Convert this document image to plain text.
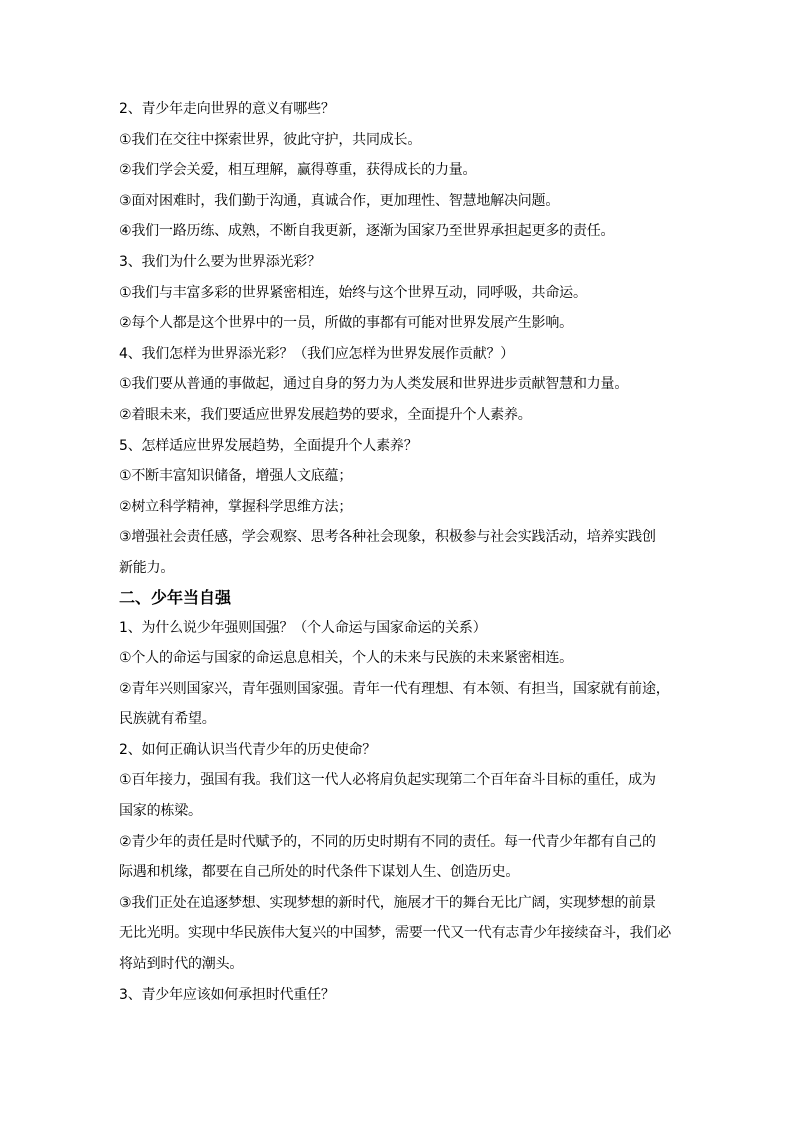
2、青少年走向世界的意义有哪些？
①我们在交往中探索世界，彼此守护，共同成长。
②我们学会关爱，相互理解，赢得尊重，获得成长的力量。
③面对困难时，我们勤于沟通，真诚合作，更加理性、智慧地解决问题。
④我们一路历练、成熟，不断自我更新，逐渐为国家乃至世界承担起更多的责任。
3、我们为什么要为世界添光彩？
①我们与丰富多彩的世界紧密相连，始终与这个世界互动，同呼吸，共命运。
②每个人都是这个世界中的一员，所做的事都有可能对世界发展产生影响。
4、我们怎样为世界添光彩？（我们应怎样为世界发展作贡献？）
①我们要从普通的事做起，通过自身的努力为人类发展和世界进步贡献智慧和力量。
②着眼未来，我们要适应世界发展趋势的要求，全面提升个人素养。
5、怎样适应世界发展趋势，全面提升个人素养？
①不断丰富知识储备，增强人文底蕴；
②树立科学精神，掌握科学思维方法；
③增强社会责任感，学会观察、思考各种社会现象，积极参与社会实践活动，培养实践创
新能力。
二、少年当自强
1、为什么说少年强则国强？（个人命运与国家命运的关系）
①个人的命运与国家的命运息息相关，个人的未来与民族的未来紧密相连。
②青年兴则国家兴，青年强则国家强。青年一代有理想、有本领、有担当，国家就有前途，
民族就有希望。
2、如何正确认识当代青少年的历史使命？
①百年接力，强国有我。我们这一代人必将肩负起实现第二个百年奋斗目标的重任，成为
国家的栋梁。
②青少年的责任是时代赋予的，不同的历史时期有不同的责任。每一代青少年都有自己的
际遇和机缘，都要在自己所处的时代条件下谋划人生、创造历史。
③我们正处在追逐梦想、实现梦想的新时代，施展才干的舞台无比广阔，实现梦想的前景
无比光明。实现中华民族伟大复兴的中国梦，需要一代又一代有志青少年接续奋斗，我们必
将站到时代的潮头。
3、青少年应该如何承担时代重任？
